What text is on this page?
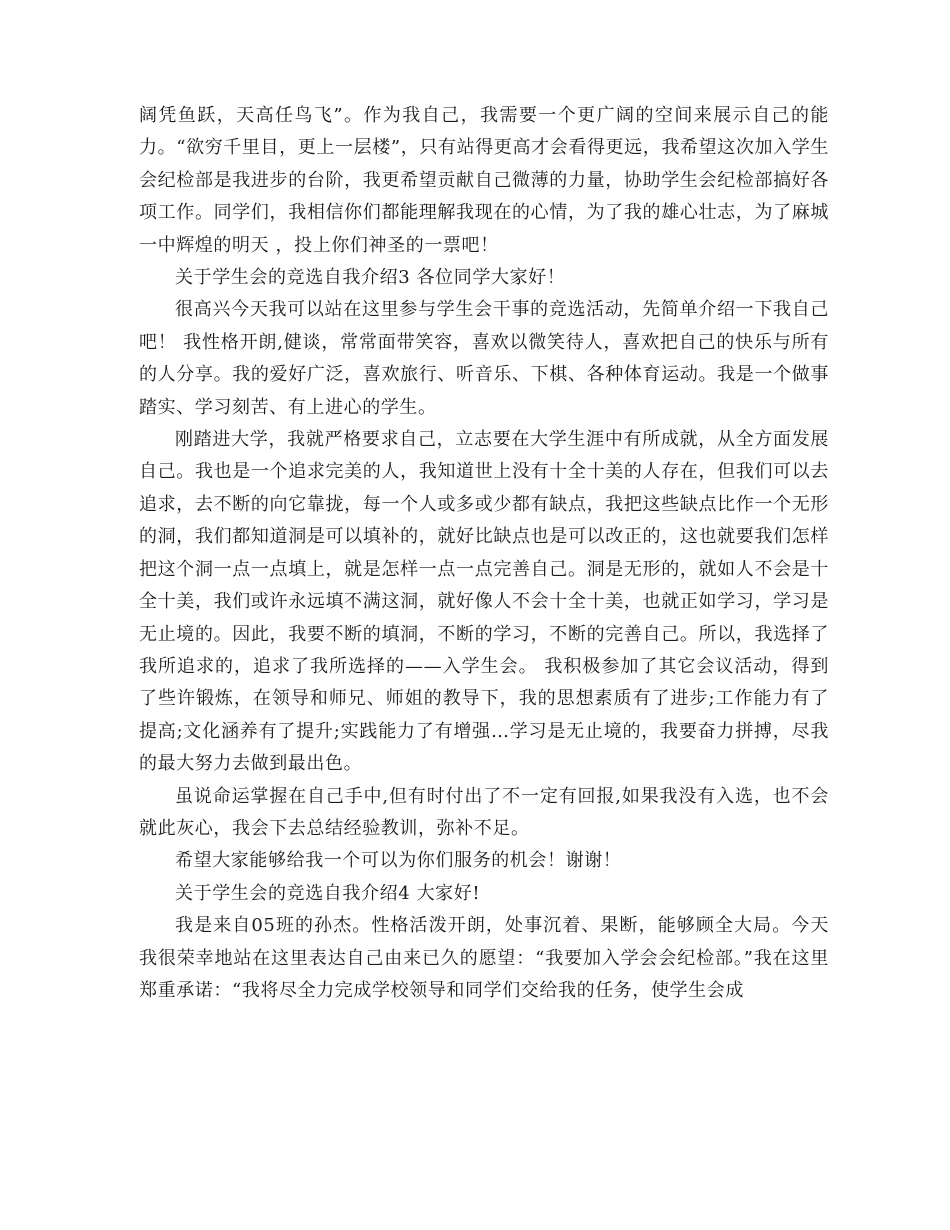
阔凭鱼跃，天高任鸟飞”。作为我自己，我需要一个更广阔的空间来展示自己的能力。“欲穷千里目，更上一层楼”，只有站得更高才会看得更远，我希望这次加入学生会纪检部是我进步的台阶，我更希望贡献自己微薄的力量，协助学生会纪检部搞好各项工作。同学们，我相信你们都能理解我现在的心情，为了我的雄心壮志，为了麻城一中辉煌的明天 ，投上你们神圣的一票吧！

关于学生会的竞选自我介绍3 各位同学大家好！

很高兴今天我可以站在这里参与学生会干事的竞选活动，先简单介绍一下我自己吧！ 我性格开朗,健谈，常常面带笑容，喜欢以微笑待人，喜欢把自己的快乐与所有的人分享。我的爱好广泛，喜欢旅行、听音乐、下棋、各种体育运动。我是一个做事踏实、学习刻苦、有上进心的学生。

刚踏进大学，我就严格要求自己，立志要在大学生涯中有所成就，从全方面发展自己。我也是一个追求完美的人，我知道世上没有十全十美的人存在，但我们可以去追求，去不断的向它靠拢，每一个人或多或少都有缺点，我把这些缺点比作一个无形的洞，我们都知道洞是可以填补的，就好比缺点也是可以改正的，这也就要我们怎样把这个洞一点一点填上，就是怎样一点一点完善自己。洞是无形的，就如人不会是十全十美，我们或许永远填不满这洞，就好像人不会十全十美，也就正如学习，学习是无止境的。因此，我要不断的填洞，不断的学习，不断的完善自己。所以，我选择了我所追求的，追求了我所选择的——入学生会。 我积极参加了其它会议活动，得到了些许锻炼，在领导和师兄、师姐的教导下，我的思想素质有了进步;工作能力有了提高;文化涵养有了提升;实践能力了有增强…学习是无止境的，我要奋力拼搏，尽我的最大努力去做到最出色。

虽说命运掌握在自己手中,但有时付出了不一定有回报,如果我没有入选，也不会就此灰心，我会下去总结经验教训，弥补不足。

希望大家能够给我一个可以为你们服务的机会！谢谢！

关于学生会的竞选自我介绍4 大家好!

我是来自05班的孙杰。性格活泼开朗，处事沉着、果断，能够顾全大局。今天我很荣幸地站在这里表达自己由来已久的愿望：“我要加入学会会纪检部。”我在这里郑重承诺：“我将尽全力完成学校领导和同学们交给我的任务，使学生会成
